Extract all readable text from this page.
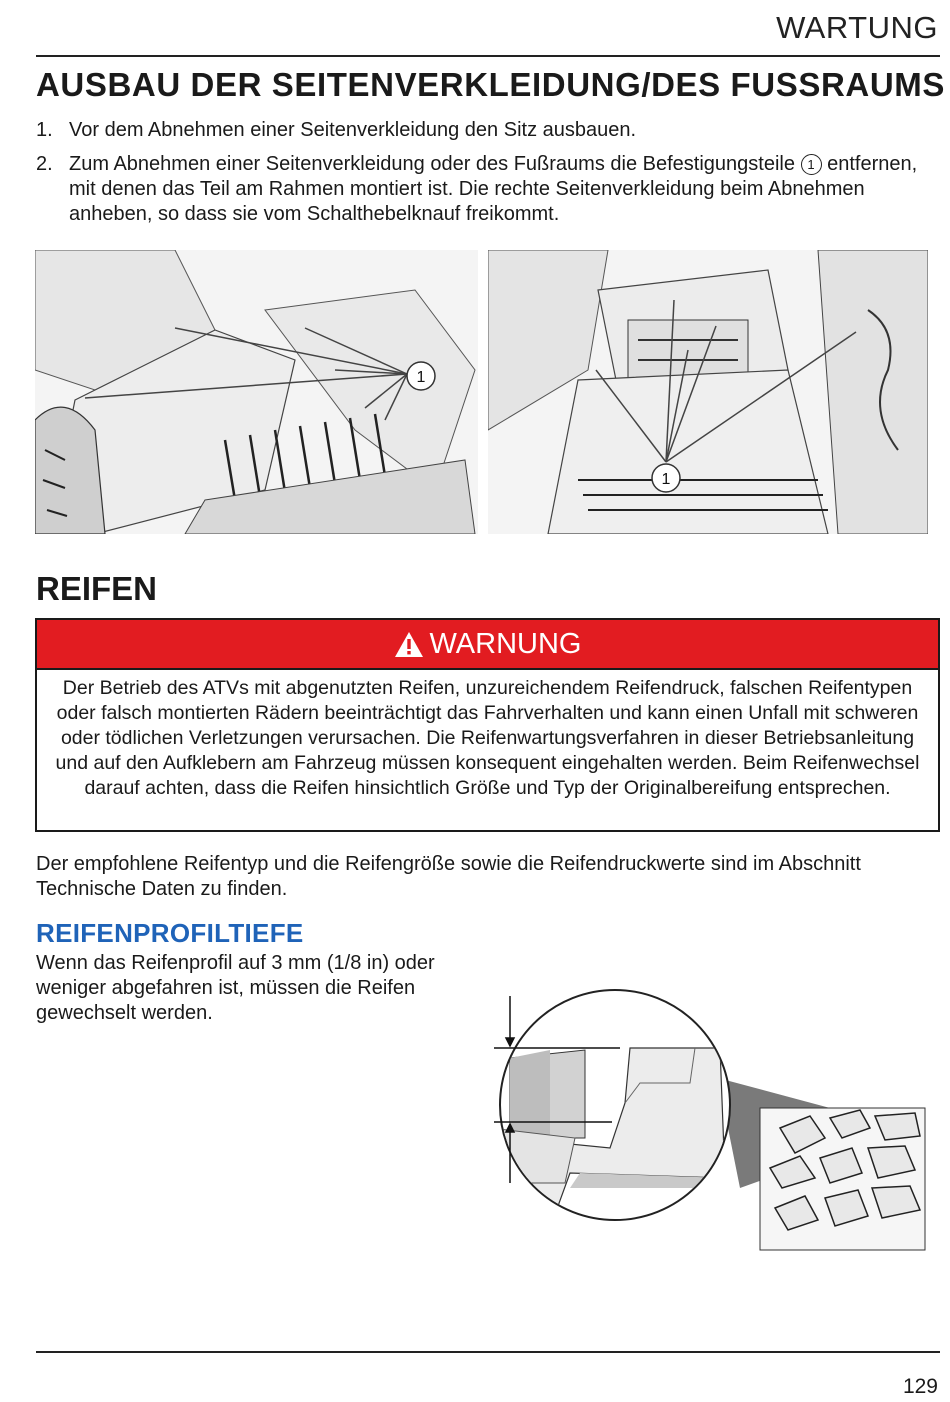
WARTUNG
AUSBAU DER SEITENVERKLEIDUNG/DES FUSSRAUMS
1. Vor dem Abnehmen einer Seitenverkleidung den Sitz ausbauen.
2. Zum Abnehmen einer Seitenverkleidung oder des Fußraums die Befestigungsteile 1 entfernen, mit denen das Teil am Rahmen montiert ist. Die rechte Seitenverkleidung beim Abnehmen anheben, so dass sie vom Schalthebelknauf freikommt.
1
1
REIFEN
WARNUNG
Der Betrieb des ATVs mit abgenutzten Reifen, unzureichendem Reifendruck, falschen Reifentypen oder falsch montierten Rädern beeinträchtigt das Fahrverhalten und kann einen Unfall mit schweren oder tödlichen Verletzungen verursachen. Die Reifenwartungsverfahren in dieser Betriebsanleitung und auf den Aufklebern am Fahrzeug müssen konsequent eingehalten werden. Beim Reifenwechsel darauf achten, dass die Reifen hinsichtlich Größe und Typ der Originalbereifung entsprechen.
Der empfohlene Reifentyp und die Reifengröße sowie die Reifendruckwerte sind im Abschnitt Technische Daten zu finden.
REIFENPROFILTIEFE
Wenn das Reifenprofil auf 3 mm (1/8 in) oder weniger abgefahren ist, müssen die Reifen gewechselt werden.
129
